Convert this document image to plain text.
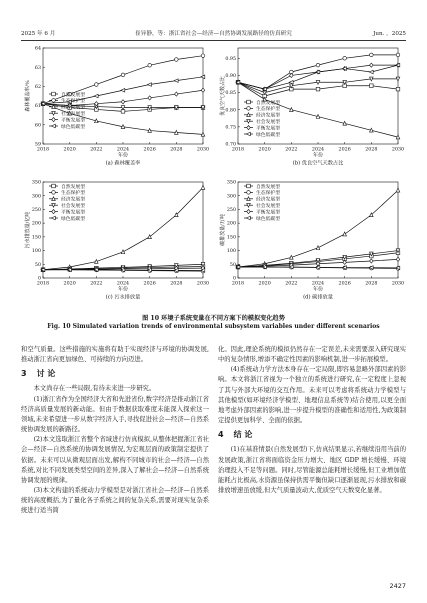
2025 年 6 月	崔异静，等：浙江省社会—经济—自然协调发展路径的仿真研究	Jun. ，2025
59
60
61
62
63
64
2018	2020	2022	2024	2026	2028	2030
年份
森林覆盖率/%
(a) 森林覆盖率
自然发展型
生态保护型
经济发展型
社会发展型
平衡发展型
绿色低碳型
0.70
0.75
0.80
0.85
0.90
0.95
2018	2020	2022	2024	2026	2028	2030
年份
优良空气天数占比
(b) 优良空气天数占比
自然发展型
生态保护型
经济发展型
社会发展型
平衡发展型
绿色低碳型
0
50
100
150
200
250
300
350
2018	2020	2022	2024	2026	2028	2030
年份
污水排放量/亿吨
(c) 污水排放量
自然发展型
生态保护型
经济发展型
社会发展型
平衡发展型
绿色低碳型
0
50
100
150
200
250
300
350
2018	2020	2022	2024	2026	2028	2030
年份
碳排放量/万吨
(d) 碳排放量
自然发展型
生态保护型
经济发展型
社会发展型
平衡发展型
绿色低碳型
图 10 环境子系统变量在不同方案下的模拟变化趋势
Fig. 10 Simulated variation trends of environmental subsystem variables under different scenarios

和空气质量。这些措施的实施将有助于实现经济与环境的协调发展,推动浙江省向更加绿色、可持续的方向迈进。

3 讨 论

本文尚存在一些局限,有待未来进一步研究。

(1)浙江省作为全国经济大省和先进省份,数字经济是推动浙江省经济高质量发展的新动能。但由于数据获取难度未能深入探索这一领域,未来希望进一步从数字经济入手,寻找促进社会—经济—自然系统协调发展的新路径。

(2)本文选取浙江省整个省域进行仿真模拟,从整体把握浙江省社会—经济—自然系统的协调发展情况,为宏观层面的政策制定提供了依据。未来可以从微观层面出发,解构不同城市的社会—经济—自然系统,对比不同发展类型空间的差异,深入了解社会—经济—自然系统协调发展的规律。

(3)本文构建的系统动力学模型是对浙江省社会—经济—自然系统的高度概括,为了量化各子系统之间的复杂关系,需要对现实复杂系统进行适当简

化。因此,理论系统的模拟仍然存在一定误差,未来需要深入研究现实中的复杂情形,增添不确定性因素的影响机制,进一步拓展模型。

(4)系统动力学方法本身存在一定局限,即容易忽略外部因素的影响。本文将浙江省视为一个独立的系统进行研究,在一定程度上忽视了其与外部大环境的交互作用。未来可以考虑将系统动力学模型与其他模型(如环境经济学模型、地理信息系统等)结合使用,以更全面地考虑外部因素的影响,进一步提升模型的准确性和适用性,为政策制定提供更加科学、全面的依据。

4 结 论

(1)在基准情景(自然发展型)下,仿真结果显示,若继续沿用当前的发展政策,浙江省将面临资金压力增大、地区 GDP 增长缓慢、环境治理投入不足等问题。同时,尽管能源总能耗增长缓慢,但工业增加值能耗占比极高,水资源虽保持供需平衡但缺口逐渐显现,污水排放和碳排放增速虽放缓,但大气质量波动大,优质空气天数变化显著。

2427
